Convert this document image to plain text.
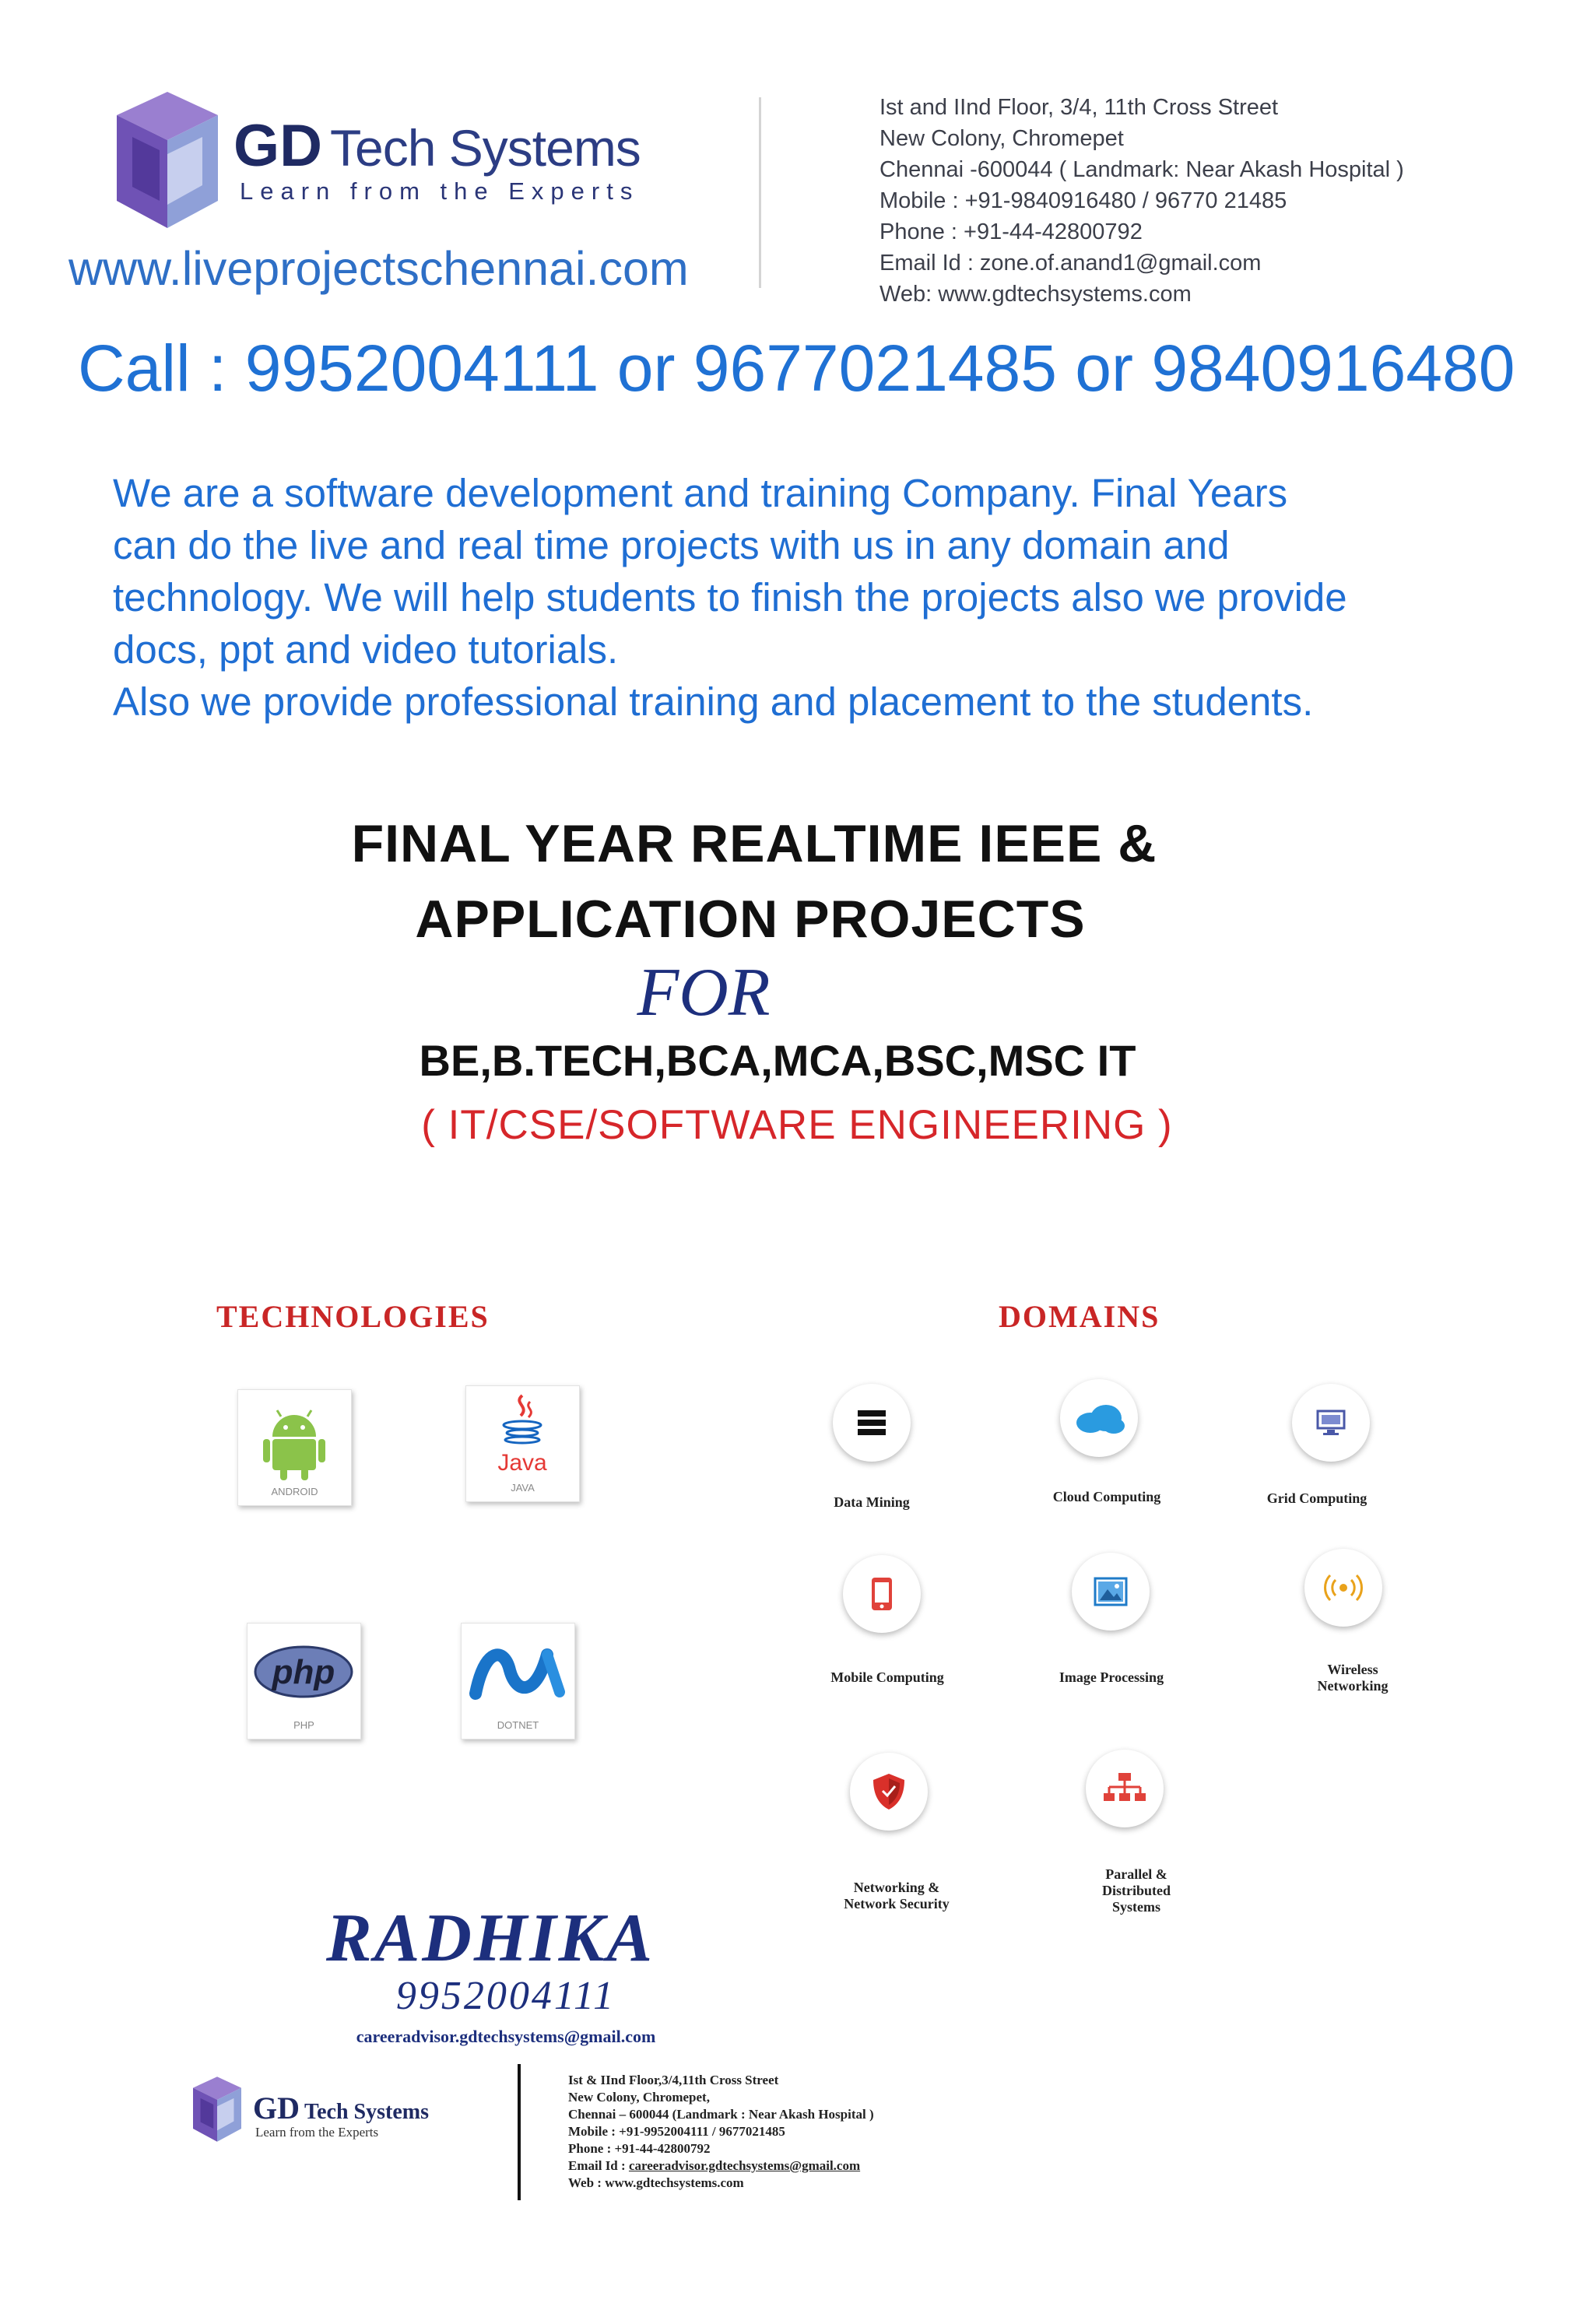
GD Tech Systems
Learn from the Experts
www.liveprojectschennai.com
Ist and IInd Floor, 3/4, 11th Cross Street
New Colony, Chromepet
Chennai -600044 ( Landmark: Near Akash Hospital )
Mobile : +91-9840916480 / 96770 21485
Phone : +91-44-42800792
Email Id : zone.of.anand1@gmail.com
Web: www.gdtechsystems.com
Call : 9952004111 or 9677021485 or 9840916480
We are a software development and training Company. Final Years
can do the live and real time projects with us in any domain and
technology. We will help students to finish the projects also we provide
docs, ppt and video tutorials.
Also we provide professional training and placement to the students.
FINAL YEAR REALTIME IEEE &
APPLICATION PROJECTS
FOR
BE,B.TECH,BCA,MCA,BSC,MSC IT
( IT/CSE/SOFTWARE ENGINEERING )
TECHNOLOGIES
ANDROID
Java
JAVA
php
PHP	DOTNET
DOMAINS
Data Mining	Cloud Computing	Grid Computing
Mobile Computing	Image Processing	Wireless
Networking
Networking &
Network Security
Parallel &
Distributed
Systems
RADHIKA
9952004111
careeradvisor.gdtechsystems@gmail.com
GD Tech Systems
Learn from the Experts
Ist & IInd Floor,3/4,11th Cross Street
New Colony, Chromepet,
Chennai – 600044 (Landmark : Near Akash Hospital )
Mobile : +91-9952004111 / 9677021485
Phone : +91-44-42800792
Email Id : careeradvisor.gdtechsystems@gmail.com
Web : www.gdtechsystems.com
